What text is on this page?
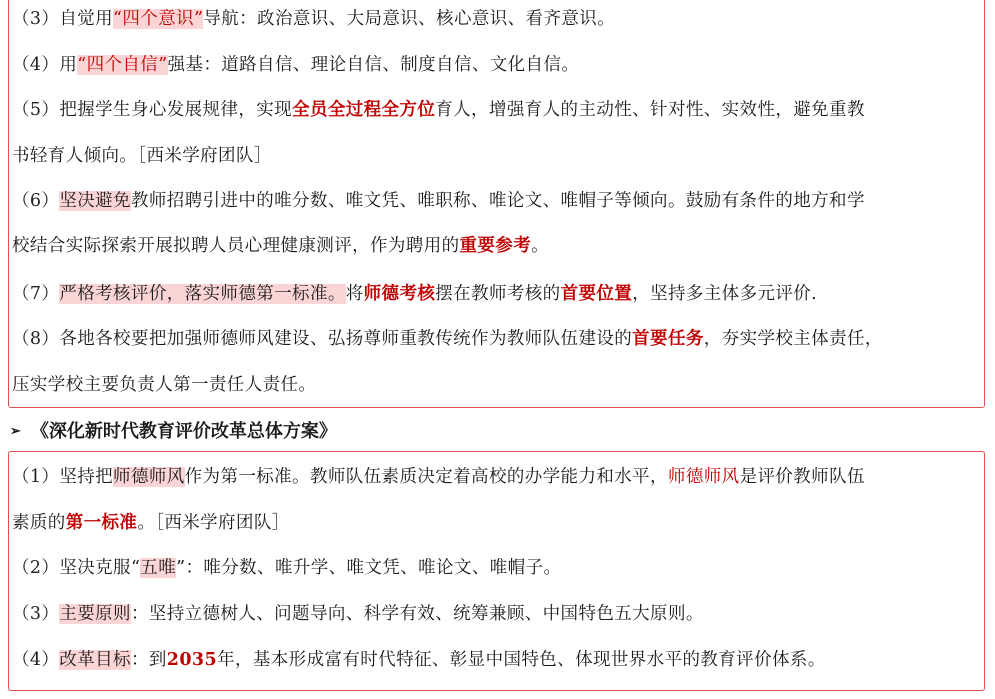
（3）自觉用“四个意识”导航：政治意识、大局意识、核心意识、看齐意识。
（4）用“四个自信”强基：道路自信、理论自信、制度自信、文化自信。
（5）把握学生身心发展规律，实现全员全过程全方位育人，增强育人的主动性、针对性、实效性，避免重教
书轻育人倾向。［西米学府团队］
（6）坚决避免教师招聘引进中的唯分数、唯文凭、唯职称、唯论文、唯帽子等倾向。鼓励有条件的地方和学
校结合实际探索开展拟聘人员心理健康测评，作为聘用的重要参考。
（7）严格考核评价，落实师德第一标准。将师德考核摆在教师考核的首要位置，坚持多主体多元评价.
（8）各地各校要把加强师德师风建设、弘扬尊师重教传统作为教师队伍建设的首要任务，夯实学校主体责任，
压实学校主要负责人第一责任人责任。
➢ 《深化新时代教育评价改革总体方案》
（1）坚持把师德师风作为第一标准。教师队伍素质决定着高校的办学能力和水平，师德师风是评价教师队伍
素质的第一标准。［西米学府团队］
（2）坚决克服“五唯”：唯分数、唯升学、唯文凭、唯论文、唯帽子。
（3）主要原则：坚持立德树人、问题导向、科学有效、统筹兼顾、中国特色五大原则。
（4）改革目标：到2035年，基本形成富有时代特征、彰显中国特色、体现世界水平的教育评价体系。
